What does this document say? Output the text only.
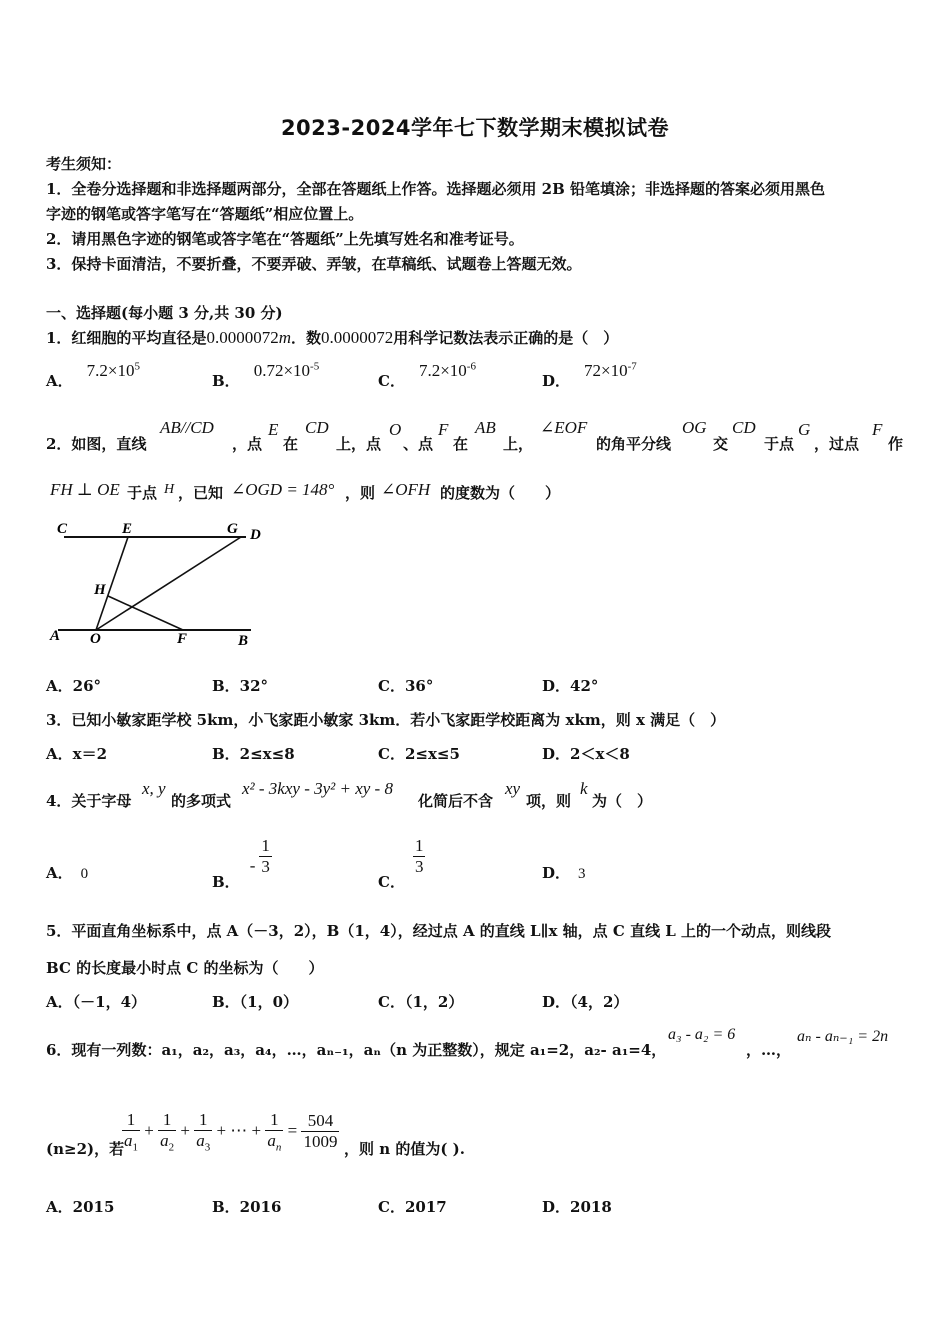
2023-2024学年七下数学期末模拟试卷
考生须知：
1．全卷分选择题和非选择题两部分，全部在答题纸上作答。选择题必须用 2B 铅笔填涂；非选择题的答案必须用黑色
字迹的钢笔或答字笔写在“答题纸”相应位置上。
2．请用黑色字迹的钢笔或答字笔在“答题纸”上先填写姓名和准考证号。
3．保持卡面清洁，不要折叠，不要弄破、弄皱，在草稿纸、试题卷上答题无效。
一、选择题(每小题 3 分,共 30 分)
1．红细胞的平均直径是0.0000072m．数0.0000072用科学记数法表示正确的是（　）
A．$7.2\times 10^5$
B．$0.72\times 10^{-5}$
C．$7.2\times 10^{-6}$
D．$72\times 10^{-7}$
2．如图，直线
AB//CD
，点
E
在
CD
上，点
O
、点
F
在
AB
上，
∠EOF
的角平分线
OG
交
CD
于点
G
，过点
F
作
FH ⊥ OE 于点 H ，已知 ∠OGD = 148° ，则 ∠OFH 的度数为（　　）
C	E	G D
H
A O	F	B
A．26°	B．32°	C．36°	D．42°
3．已知小敏家距学校 5km，小飞家距小敏家 3km．若小飞家距学校距离为 xkm，则 x 满足（　）
A．x＝2	B．2≤x≤8	C．2≤x≤5	D．2＜x＜8
4．关于字母
x, y
的多项式
x² - 3kxy - 3y² + xy - 8
化简后不含
xy
项，则
k
为（　）
A． 0	B．- $\frac{1}{3}$
C．
$\frac{1}{3}$	D． 3
5．平面直角坐标系中，点 A（－3，2），B（1，4），经过点 A 的直线 L∥x 轴，点 C 直线 L 上的一个动点，则线段
BC 的长度最小时点 C 的坐标为（　　）
A．（－1，4）	B．（1，0）	C．（1，2）	D．（4，2）
6．现有一列数：a₁，a₂，a₃，a₄，…，aₙ₋₁，aₙ（n 为正整数），规定 a₁=2，a₂- a₁=4，
a₃ - a₂ = 6
，…，
aₙ - aₙ₋₁ = 2n
(n≥2)，若
$\frac{1}{a_1} + \frac{1}{a_2} + \frac{1}{a_3}$ + ⋯ + $\frac{1}{a_n} = \frac{504}{1009}$ ，则 n 的值为( ).
A．2015	B．2016	C．2017	D．2018
